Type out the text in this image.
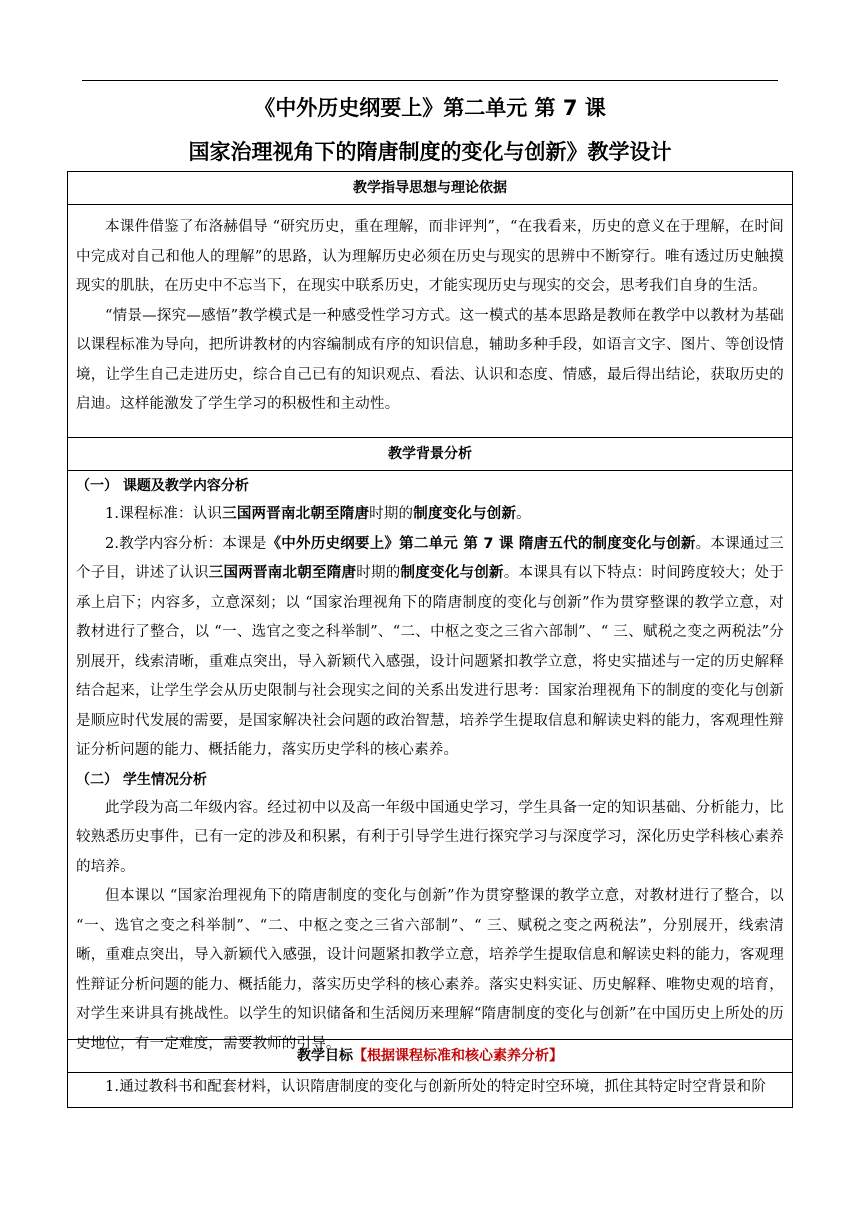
《中外历史纲要上》第二单元 第 7 课
国家治理视角下的隋唐制度的变化与创新》教学设计
教学指导思想与理论依据

本课件借鉴了布洛赫倡导 “研究历史，重在理解，而非评判”，“在我看来，历史的意义在于理解，在时间中完成对自己和他人的理解”的思路，认为理解历史必须在历史与现实的思辨中不断穿行。唯有透过历史触摸现实的肌肤，在历史中不忘当下，在现实中联系历史，才能实现历史与现实的交会，思考我们自身的生活。

“情景—探究—感悟”教学模式是一种感受性学习方式。这一模式的基本思路是教师在教学中以教材为基础以课程标准为导向，把所讲教材的内容编制成有序的知识信息，辅助多种手段，如语言文字、图片、等创设情境，让学生自己走进历史，综合自己已有的知识观点、看法、认识和态度、情感，最后得出结论，获取历史的启迪。这样能激发了学生学习的积极性和主动性。

教学背景分析
（一） 课题及教学内容分析

1.课程标准：认识三国两晋南北朝至隋唐时期的制度变化与创新。

2.教学内容分析：本课是《中外历史纲要上》第二单元 第 7 课 隋唐五代的制度变化与创新。本课通过三个子目，讲述了认识三国两晋南北朝至隋唐时期的制度变化与创新。本课具有以下特点：时间跨度较大；处于承上启下；内容多，立意深刻；以 “国家治理视角下的隋唐制度的变化与创新”作为贯穿整课的教学立意，对教材进行了整合，以 “一、选官之变之科举制”、“二、中枢之变之三省六部制”、“ 三、赋税之变之两税法”分别展开，线索清晰，重难点突出，导入新颖代入感强，设计问题紧扣教学立意，将史实描述与一定的历史解释结合起来，让学生学会从历史限制与社会现实之间的关系出发进行思考：国家治理视角下的制度的变化与创新是顺应时代发展的需要，是国家解决社会问题的政治智慧，培养学生提取信息和解读史料的能力，客观理性辩证分析问题的能力、概括能力，落实历史学科的核心素养。

（二） 学生情况分析

此学段为高二年级内容。经过初中以及高一年级中国通史学习，学生具备一定的知识基础、分析能力，比较熟悉历史事件，已有一定的涉及和积累，有利于引导学生进行探究学习与深度学习，深化历史学科核心素养的培养。

但本课以 “国家治理视角下的隋唐制度的变化与创新”作为贯穿整课的教学立意，对教材进行了整合，以 “一、选官之变之科举制”、“二、中枢之变之三省六部制”、“ 三、赋税之变之两税法”，分别展开，线索清晰，重难点突出，导入新颖代入感强，设计问题紧扣教学立意，培养学生提取信息和解读史料的能力，客观理性辩证分析问题的能力、概括能力，落实历史学科的核心素养。落实史料实证、历史解释、唯物史观的培育，对学生来讲具有挑战性。以学生的知识储备和生活阅历来理解“隋唐制度的变化与创新”在中国历史上所处的历史地位，有一定难度，需要教师的引导。

教学目标【根据课程标准和核心素养分析】

1.通过教科书和配套材料，认识隋唐制度的变化与创新所处的特定时空环境，抓住其特定时空背景和阶
